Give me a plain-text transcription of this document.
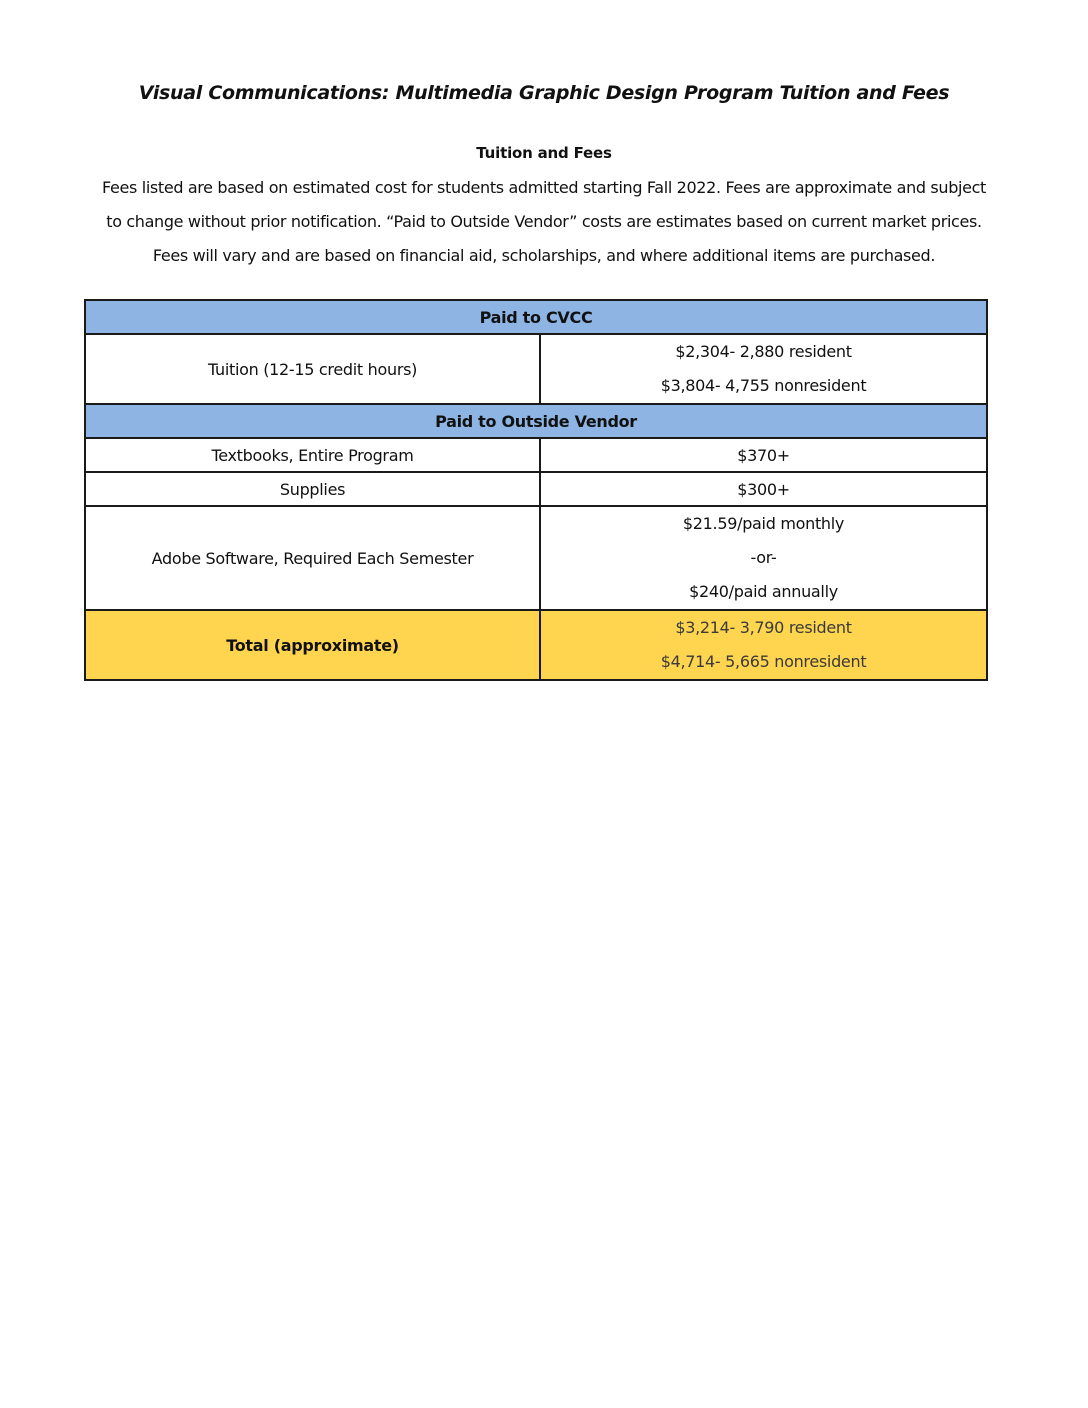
Visual Communications: Multimedia Graphic Design Program Tuition and Fees
Tuition and Fees
Fees listed are based on estimated cost for students admitted starting Fall 2022. Fees are approximate and subject
to change without prior notification. “Paid to Outside Vendor” costs are estimates based on current market prices.
Fees will vary and are based on financial aid, scholarships, and where additional items are purchased.
Paid to CVCC	
Tuition (12-15 credit hours)	$2,304- 2,880 resident
$3,804- 4,755 nonresident

Paid to Outside Vendor	
Textbooks, Entire Program	$370+
Supplies	$300+
Adobe Software, Required Each Semester	$21.59/paid monthly
-or-
$240/paid annually

Total (approximate)	$3,214- 3,790 resident
$4,714- 5,665 nonresident
